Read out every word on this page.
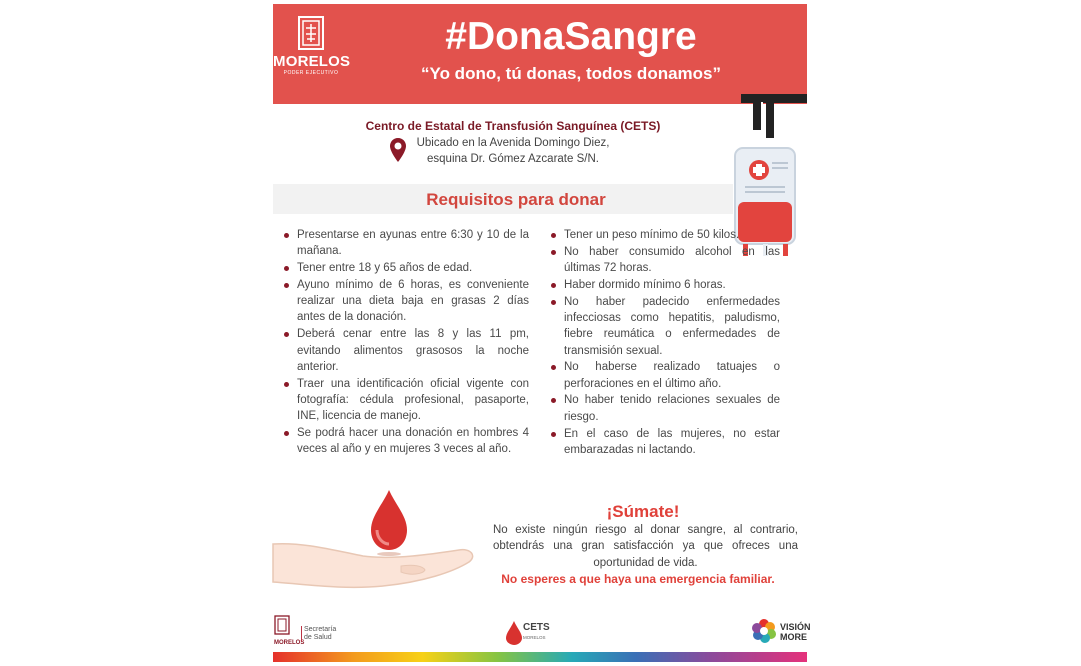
MORELOS
PODER EJECUTIVO
#DonaSangre
“Yo dono, tú donas, todos donamos”
Centro de Estatal de Transfusión Sanguínea (CETS)
Ubicado en la Avenida Domingo Diez,
esquina Dr. Gómez Azcarate S/N.
Requisitos para donar
Presentarse en ayunas entre 6:30 y 10 de la mañana.
Tener entre 18 y 65 años de edad.
Ayuno mínimo de 6 horas, es conveniente realizar una dieta baja en grasas 2 días antes de la donación.
Deberá cenar entre las 8 y las 11 pm, evitando alimentos grasosos la noche anterior.
Traer una identificación oficial vigente con fotografía: cédula profesional, pasaporte, INE, licencia de manejo.
Se podrá hacer una donación en hombres 4 veces al año y en mujeres 3 veces al año.
Tener un peso mínimo de 50 kilos.
No haber consumido alcohol en las últimas 72 horas.
Haber dormido mínimo 6 horas.
No haber padecido enfermedades infecciosas como hepatitis, paludismo, fiebre reumática o enfermedades de transmisión sexual.
No haberse realizado tatuajes o perforaciones en el último año.
No haber tenido relaciones sexuales de riesgo.
En el caso de las mujeres, no estar embarazadas ni lactando.
¡Súmate!
No existe ningún riesgo al donar sangre, al contrario, obtendrás una gran satisfacción ya que ofreces una oportunidad de vida.
No esperes a que haya una emergencia familiar.
MORELOS
Secretaría
de Salud
CETS
MORELOS
VISIÓN
MORE
